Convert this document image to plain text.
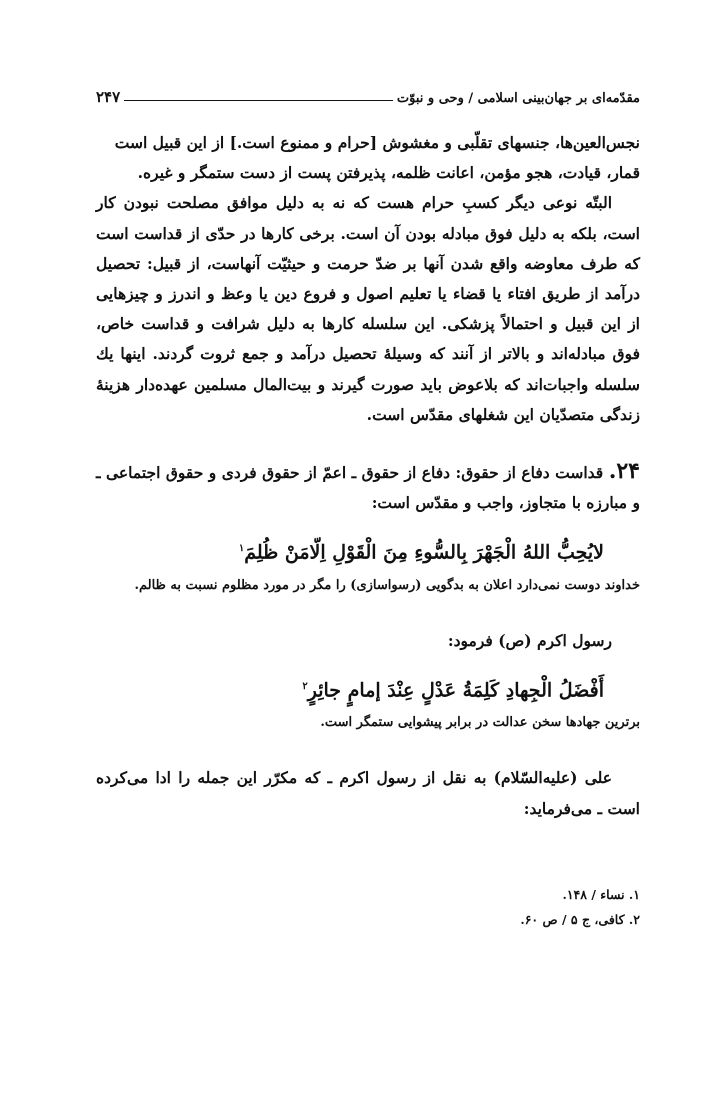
مقدّمه‌ای بر جهان‌بینی اسلامی / وحی و نبوّت
۲۴۷

نجس‌العین‌ها، جنسهای تقلّبی و مغشوش [حرام و ممنوع است.] از این قبیل است

قمار، قیادت، هجو مؤمن، اعانت ظلمه، پذیرفتن پست از دست ستمگر و غیره.

البتّه نوعی دیگر کسبِ حرام هست که نه به دلیل موافق مصلحت نبودن کار است، بلکه به دلیل فوق مبادله بودن آن است. برخی کارها در حدّی از قداست است که طرف معاوضه واقع شدن آنها بر ضدّ حرمت و حیثیّت آنهاست، از قبیل: تحصیل درآمد از طریق افتاء یا قضاء یا تعلیم اصول و فروع دین یا وعظ و اندرز و چیزهایی از این قبیل و احتمالاً پزشکی. این سلسله کارها به دلیل شرافت و قداست خاص، فوق مبادله‌اند و بالاتر از آنند که وسیلهٔ تحصیل درآمد و جمع ثروت گردند. اینها یك سلسله واجبات‌اند که بلاعوض باید صورت گیرند و بیت‌المال مسلمین عهده‌دار هزینهٔ زندگی متصدّیان این شغلهای مقدّس است.

۲۴. قداست دفاع از حقوق: دفاع از حقوق ـ اعمّ از حقوق فردی و حقوق اجتماعی ـ و مبارزه با متجاوز، واجب و مقدّس است:

لایُحِبُّ اللهُ الْجَهْرَ بِالسُّوءِ مِنَ الْقَوْلِ اِلّامَنْ ظُلِمَ$^۱$

خداوند دوست نمی‌دارد اعلان به بدگویی (رسواسازی) را مگر در مورد مظلوم نسبت به ظالم.

رسول اکرم (ص) فرمود:

أَفْضَلُ الْجِهادِ کَلِمَةُ عَدْلٍ عِنْدَ إمامٍ جائِرٍ$^۲$

برترین جهادها سخن عدالت در برابر پیشوایی ستمگر است.

علی (علیه‌السّلام) به نقل از رسول اکرم ـ که مکرّر این جمله را ادا می‌کرده است ـ می‌فرماید:

۱. نساء / ۱۴۸.
۲. کافی، ج ۵ / ص ۶۰.
